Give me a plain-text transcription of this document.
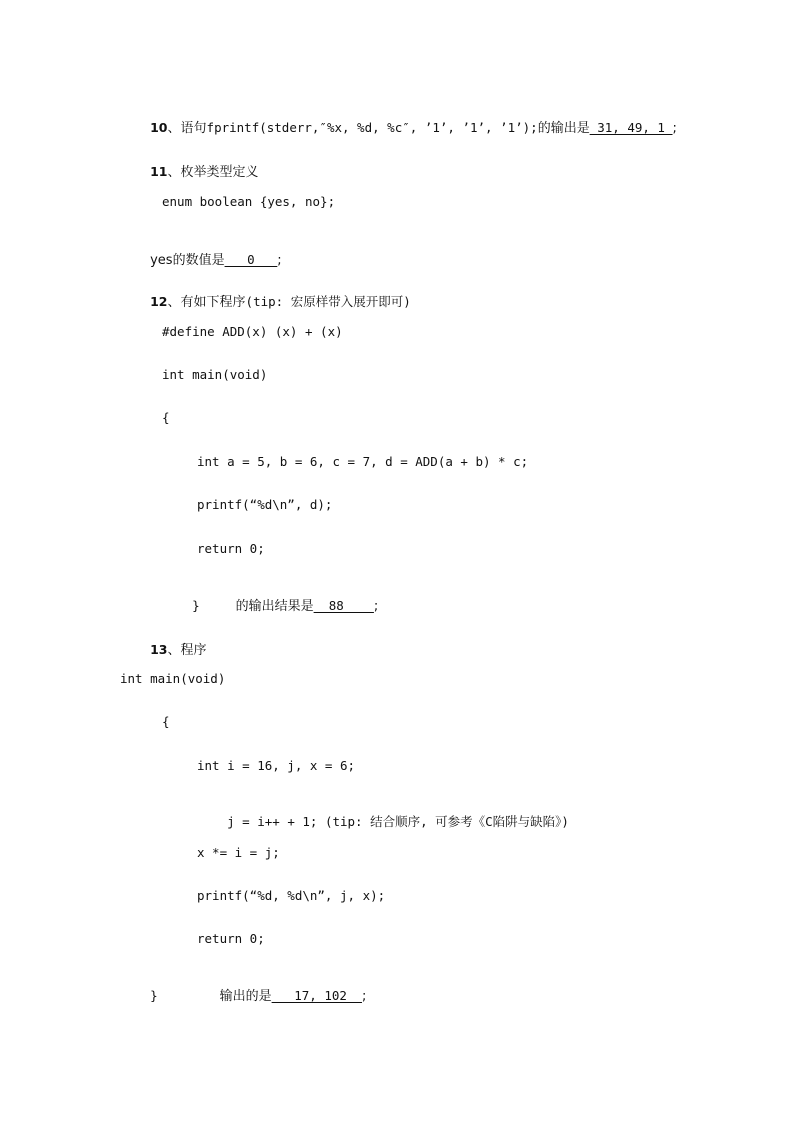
10、语句fprintf(stderr,″%x, %d, %c″, ’1’, ’1’, ’1’);的输出是_31, 49, 1_;

11、枚举类型定义

enum boolean {yes, no};

yes的数值是___0___;

12、有如下程序(tip: 宏原样带入展开即可)

#define ADD(x) (x) + (x)
int main(void)
{
int a = 5, b = 6, c = 7, d = ADD(a + b) * c;
printf(“%d\n”, d);
return 0;

}	的输出结果是__88____;

13、程序

int main(void)
{
int i = 16, j, x = 6;

j = i++ + 1; (tip: 结合顺序, 可参考《C陷阱与缺陷》)

x *= i = j;
printf(“%d, %d\n”, j, x);
return 0;

}	输出的是___17, 102__;
